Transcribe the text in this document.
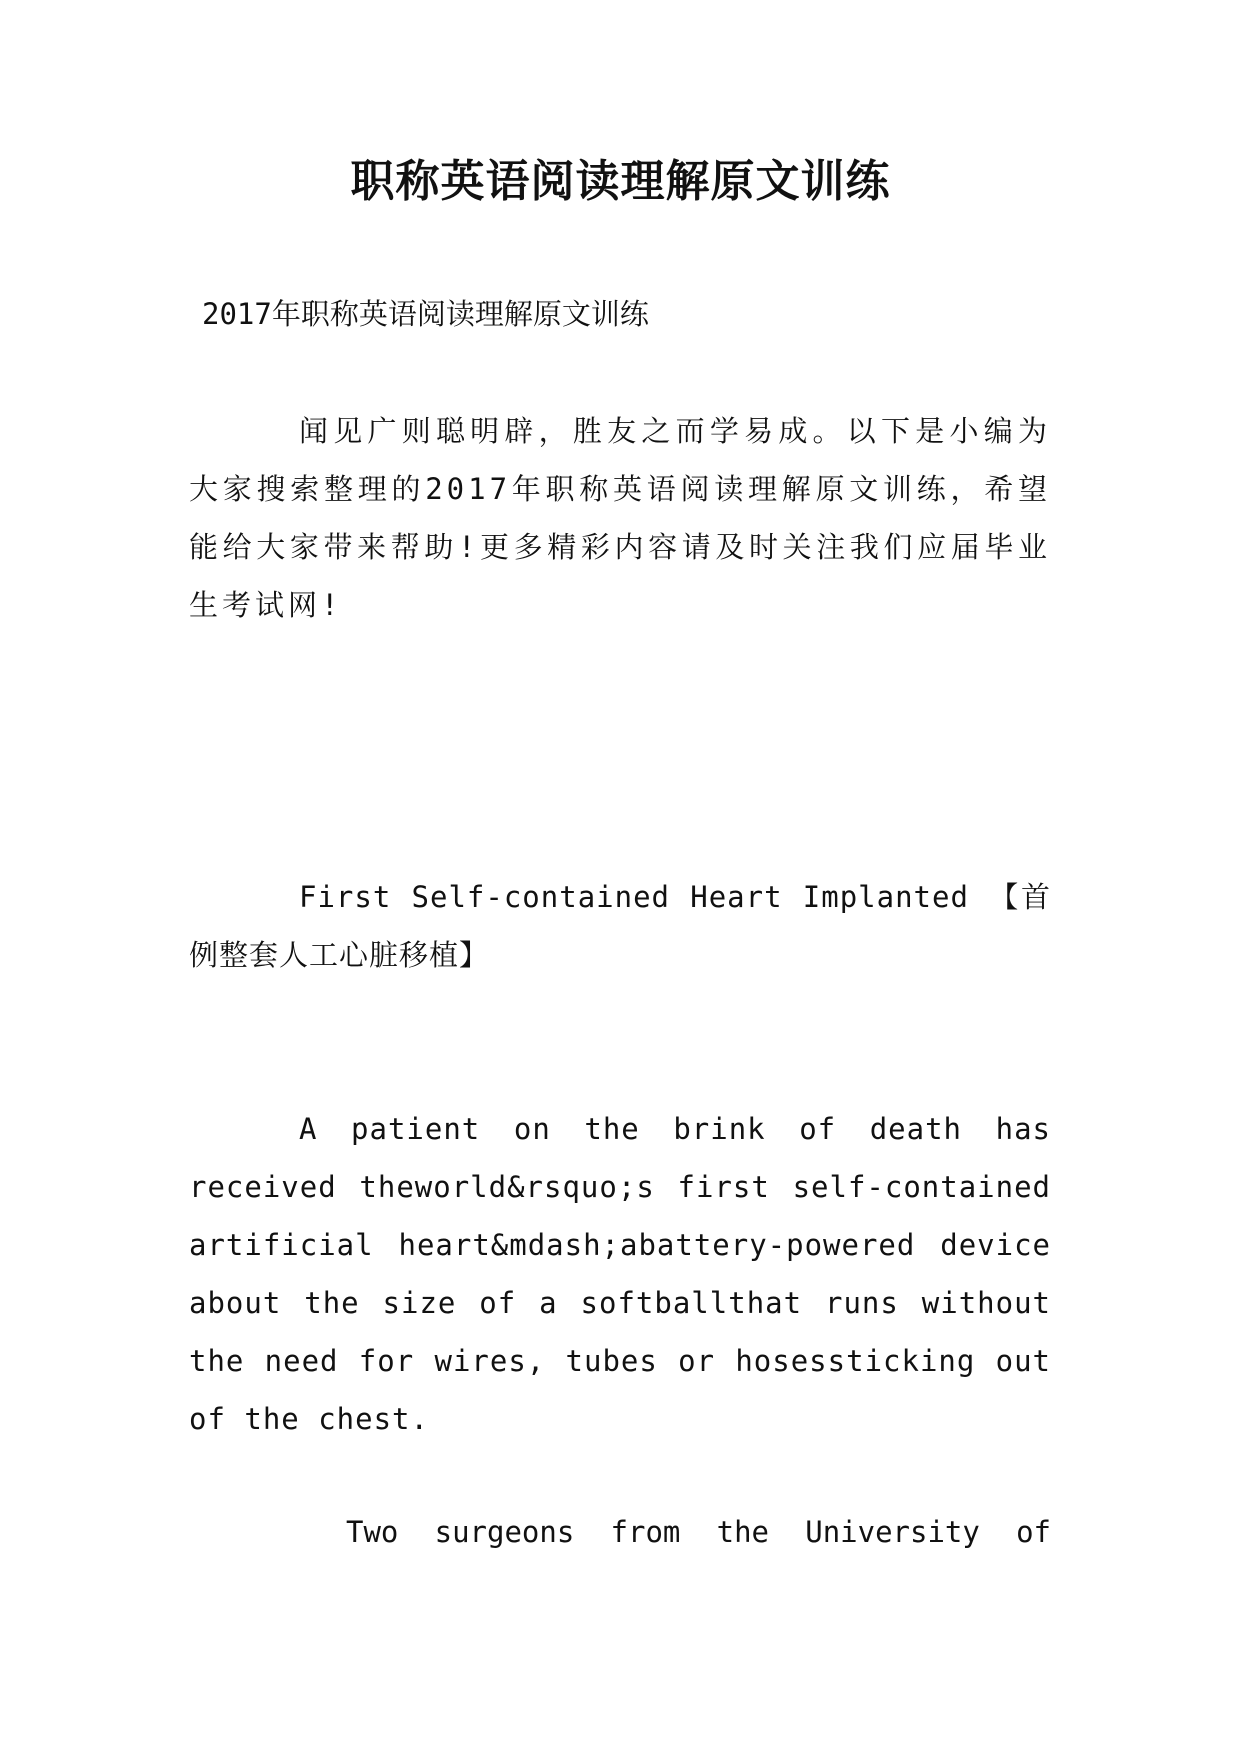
职称英语阅读理解原文训练
2017年职称英语阅读理解原文训练
闻见广则聪明辟，胜友之而学易成。以下是小编为大家搜索整理的2017年职称英语阅读理解原文训练，希望能给大家带来帮助!更多精彩内容请及时关注我们应届毕业生考试网!
First Self-contained Heart Implanted 【首例整套人工心脏移植】
A patient on the brink of death has received theworld&rsquo;s first self-contained artificial heart&mdash;abattery-powered device about the size of a softballthat runs without the need for wires, tubes or hosessticking out of the chest.
Two surgeons from the University of
